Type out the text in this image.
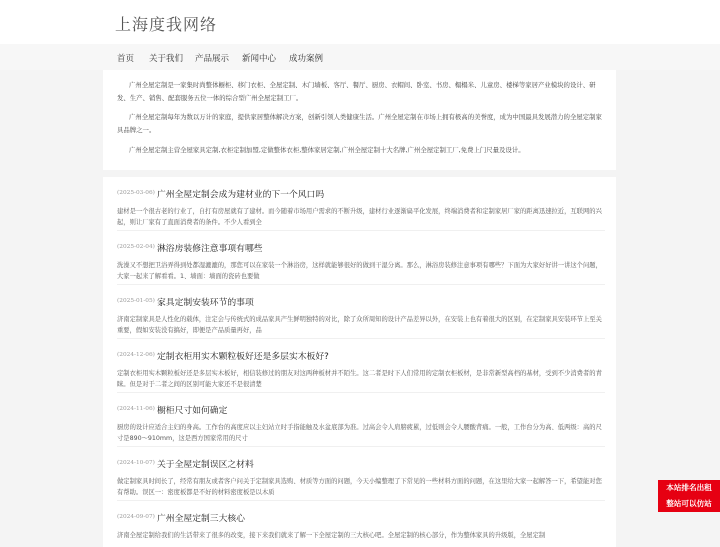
上海度我网络
首页 关于我们 产品展示 新闻中心 成功案例

广州全屋定制是一家集时尚整体橱柜、移门衣柜、全屋定制、木门墙板、客厅、餐厅、厨房、衣帽间、卧室、书房、榻榻米、儿童房、楼梯等家居产业模块的设计、研发、生产、销售、配套服务五位一体的综合型广州全屋定制工厂。

广州全屋定制每年为数以万计的家庭，提供家居整体解决方案，创新引领人类健康生活。广州全屋定制在市场上拥有极高的美誉度，成为中国最具发展潜力的全屋定制家具品牌之一。

广州全屋定制主营全屋家具定制,衣柜定制加盟,定做整体衣柜,整体家居定制,广州全屋定制十大名牌,广州全屋定制工厂,免费上门尺量及设计。

(2025-03-06) 广州全屋定制会成为建材业的下一个风口吗
建材是一个很古老的行业了，自打有房屋就有了建材。而今随着市场用户需求的不断升级，建材行业逐渐扁平化发展，终端消费者和定制家居厂家的距离迅速拉近，互联网的兴起，则让厂家有了直面消费者的条件。不少人看到全
(2025-02-04) 淋浴房装修注意事项有哪些
洗澡又不想把卫浴弄得到处都湿漉漉的，那您可以在家装一个淋浴房，这样就能够很好的做到干湿分离。那么，淋浴房装修注意事项有哪些？下面为大家好好讲一讲这个问题，大家一起来了解看看。1、墙面：墙面的瓷砖也要做
(2025-01-05) 家具定制安装环节的事项
济南定制家具是人性化的载体，注定会与传统式的成品家具产生鲜明独特的对比，除了众所周知的设计产品差异以外，在安装上也有着很大的区别，在定制家具安装环节上至关重要，假如安装没有搞好，即便是产品质量再好，品
(2024-12-06) 定制衣柜用实木颗粒板好还是多层实木板好?
定制衣柜用实木颗粒板好还是多层实木板好，相信装修过的朋友对这两种板材并不陌生。这二者是时下人们常用的定制衣柜板材，是非常新型高档的基材，受到不少消费者的青睐。但是对于二者之间的区别可能大家还不是很清楚
(2024-11-06) 橱柜尺寸如何确定
厨房的设计应适合主妇的身高。工作台的高度应以主妇站立时手指能触及水盆底部为准。过高会令人肩膀疲累，过低则会令人腰酸背痛。一般，工作台分为高、低两级：高的尺寸是890～910mm，这是西方国家常用的尺寸
(2024-10-07) 关于全屋定制误区之材料
做定制家具时间长了，经常有朋友或者客户问关于定制家具选购、材质等方面的问题，今天小编整理了下常见的一些材料方面的问题，在这里给大家一起解答一下，希望能对您有帮助。误区一：密度板都是不好的材料密度板是以木质
(2024-09-07) 广州全屋定制三大核心
济南全屋定制给我们的生活带来了很多的改变，接下来我们就来了解一下全屋定制的三大核心吧。全屋定制的核心部分，作为整体家具的升级版，全屋定制
本站排名出租
整站可以仿站
